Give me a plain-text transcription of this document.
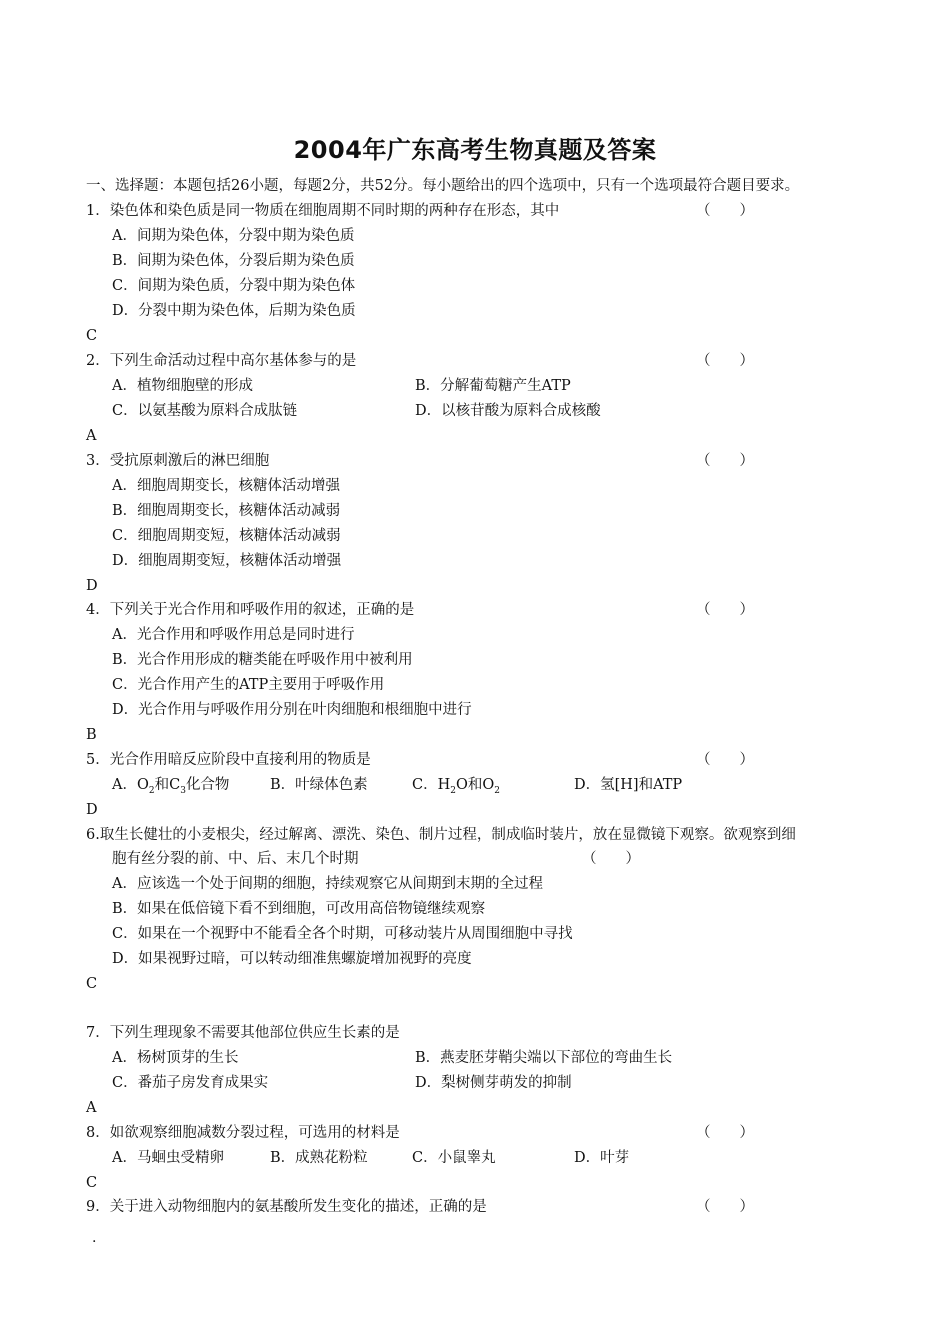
2004年广东高考生物真题及答案
一、选择题：本题包括26小题，每题2分，共52分。每小题给出的四个选项中，只有一个选项最符合题目要求。
1．染色体和染色质是同一物质在细胞周期不同时期的两种存在形态，其中	（　　）
A．间期为染色体，分裂中期为染色质
B．间期为染色体，分裂后期为染色质
C．间期为染色质，分裂中期为染色体
D．分裂中期为染色体，后期为染色质
C
2．下列生命活动过程中高尔基体参与的是	（　　）
A．植物细胞壁的形成	B．分解葡萄糖产生ATP
C．以氨基酸为原料合成肽链	D．以核苷酸为原料合成核酸
A
3．受抗原刺激后的淋巴细胞	（　　）
A．细胞周期变长，核糖体活动增强
B．细胞周期变长，核糖体活动减弱
C．细胞周期变短，核糖体活动减弱
D．细胞周期变短，核糖体活动增强
D
4．下列关于光合作用和呼吸作用的叙述，正确的是	（　　）
A．光合作用和呼吸作用总是同时进行
B．光合作用形成的糖类能在呼吸作用中被利用
C．光合作用产生的ATP主要用于呼吸作用
D．光合作用与呼吸作用分别在叶肉细胞和根细胞中进行
B
5．光合作用暗反应阶段中直接利用的物质是	（　　）
A．$O_2$和$C_3$化合物	B．叶绿体色素	C．$H_2O$和$O_2$	D．氢[H]和ATP
D
6.取生长健壮的小麦根尖，经过解离、漂洗、染色、制片过程，制成临时装片，放在显微镜下观察。欲观察到细
胞有丝分裂的前、中、后、末几个时期	（　　）
A．应该选一个处于间期的细胞，持续观察它从间期到末期的全过程
B．如果在低倍镜下看不到细胞，可改用高倍物镜继续观察
C．如果在一个视野中不能看全各个时期，可移动装片从周围细胞中寻找
D．如果视野过暗，可以转动细准焦螺旋增加视野的亮度
C
7．下列生理现象不需要其他部位供应生长素的是
A．杨树顶芽的生长	B．燕麦胚芽鞘尖端以下部位的弯曲生长
C．番茄子房发育成果实	D．梨树侧芽萌发的抑制
A
8．如欲观察细胞减数分裂过程，可选用的材料是	（　　）
A．马蛔虫受精卵	B．成熟花粉粒	C．小鼠睾丸	D．叶芽
C
9．关于进入动物细胞内的氨基酸所发生变化的描述，正确的是	（　　）
.
